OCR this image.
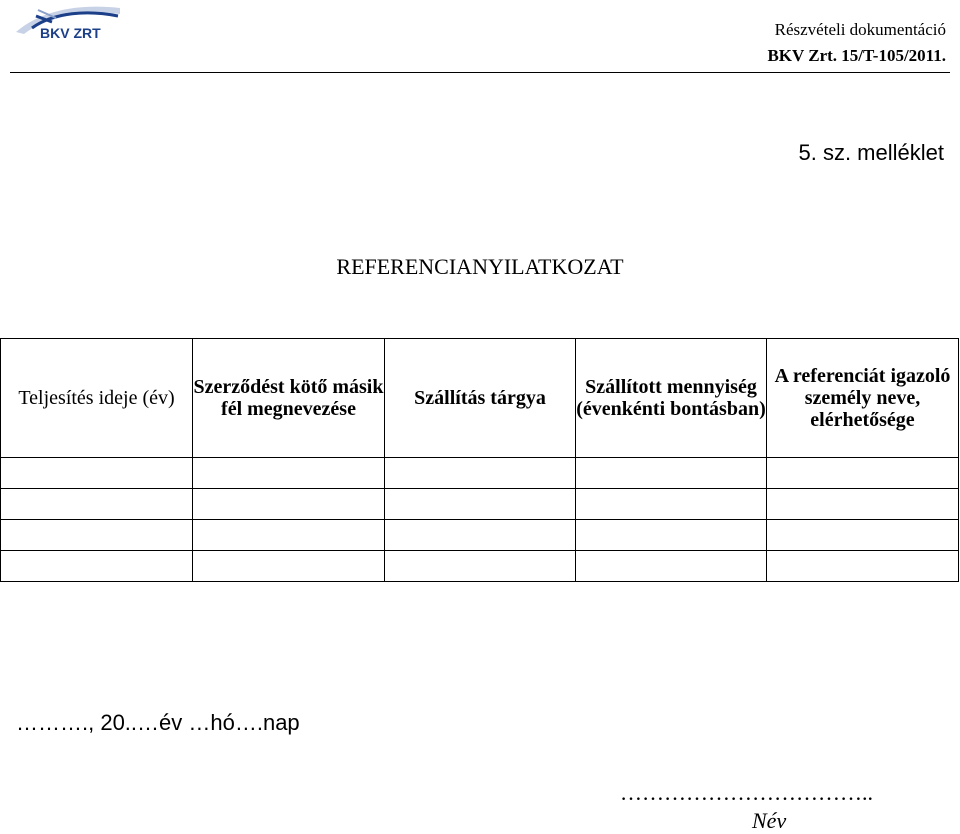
BKV ZRT	Részvételi dokumentáció
BKV Zrt. 15/T-105/2011.
5. sz. melléklet
REFERENCIANYILATKOZAT
Teljesítés ideje (év)	Szerződést kötő másik fél megnevezése	Szállítás tárgya	Szállított mennyiség (évenkénti bontásban)	A referenciát igazoló személy neve, elérhetősége

………., 20..…év …hó….nap
……………………………..
Név
